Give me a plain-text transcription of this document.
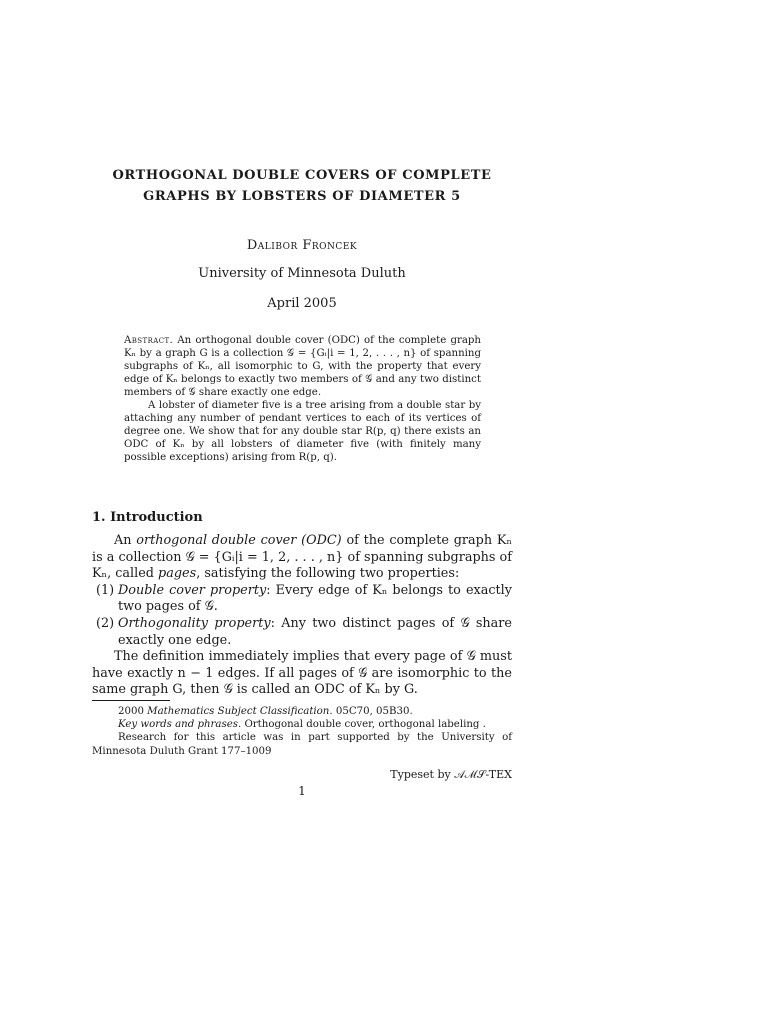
ORTHOGONAL DOUBLE COVERS OF COMPLETE
GRAPHS BY LOBSTERS OF DIAMETER 5
Dalibor Froncek
University of Minnesota Duluth
April 2005

Abstract. An orthogonal double cover (ODC) of the complete graph Kₙ by a graph G is a collection 𝒢 = {Gᵢ|i = 1, 2, . . . , n} of spanning subgraphs of Kₙ, all isomorphic to G, with the property that every edge of Kₙ belongs to exactly two members of 𝒢 and any two distinct members of 𝒢 share exactly one edge.

A lobster of diameter five is a tree arising from a double star by attaching any number of pendant vertices to each of its vertices of degree one. We show that for any double star R(p, q) there exists an ODC of Kₙ by all lobsters of diameter five (with finitely many possible exceptions) arising from R(p, q).

1. Introduction

An orthogonal double cover (ODC) of the complete graph Kₙ is a collection 𝒢 = {Gᵢ|i = 1, 2, . . . , n} of spanning subgraphs of Kₙ, called pages, satisfying the following two properties:

(1) Double cover property: Every edge of Kₙ belongs to exactly two pages of 𝒢.

(2) Orthogonality property: Any two distinct pages of 𝒢 share exactly one edge.

The definition immediately implies that every page of 𝒢 must have exactly n − 1 edges. If all pages of 𝒢 are isomorphic to the same graph G, then 𝒢 is called an ODC of Kₙ by G.

2000 Mathematics Subject Classification. 05C70, 05B30.

Key words and phrases. Orthogonal double cover, orthogonal labeling .

Research for this article was in part supported by the University of Minnesota Duluth Grant 177–1009

Typeset by 𝒜ℳ𝒮-TEX
1
